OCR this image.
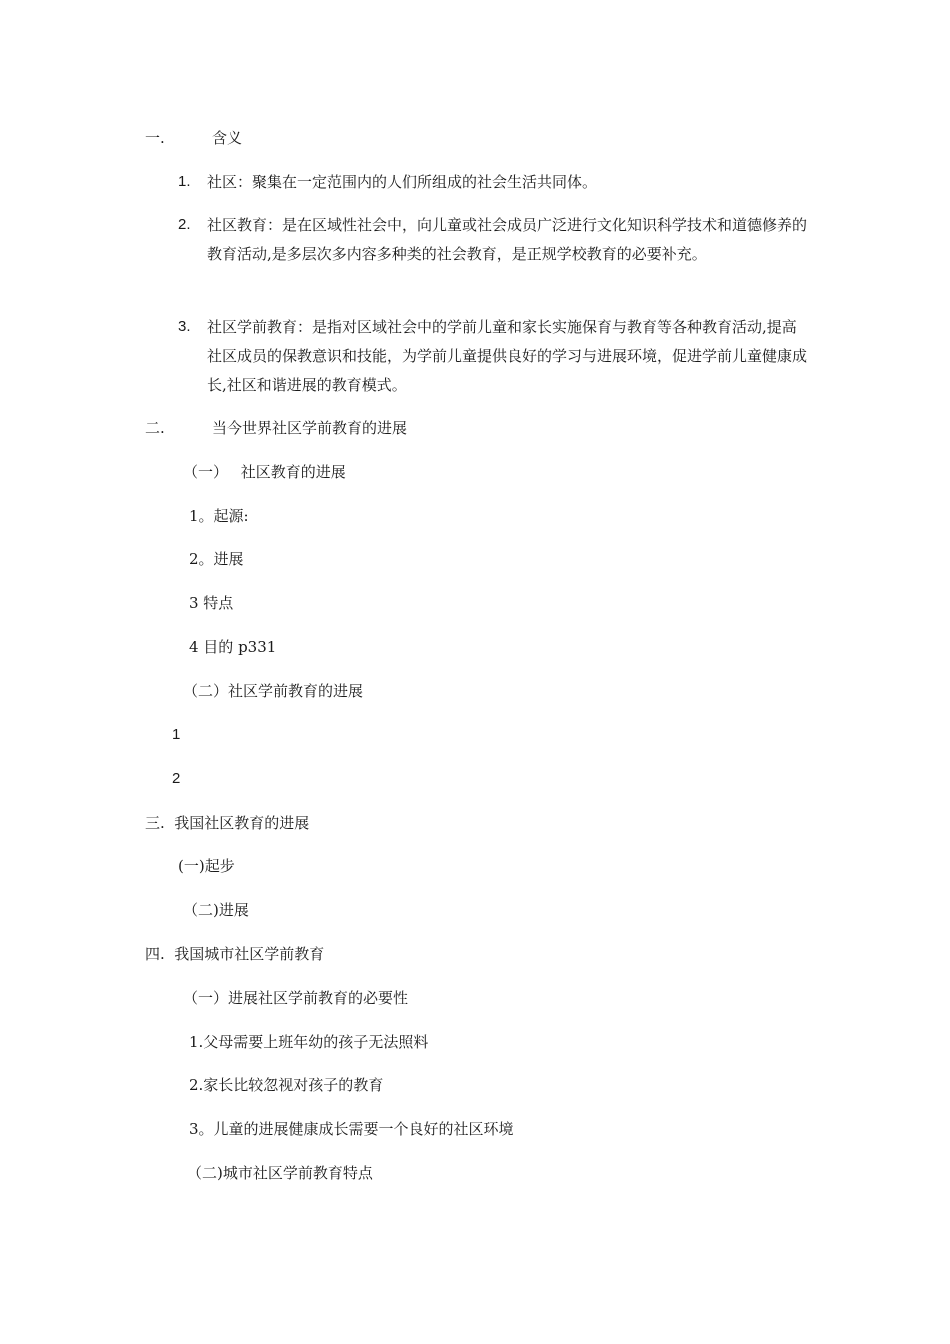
一.	含义
1. 社区：聚集在一定范围内的人们所组成的社会生活共同体。
2. 社区教育：是在区域性社会中，向儿童或社会成员广泛进行文化知识科学技术和道德修养的教育活动,是多层次多内容多种类的社会教育，是正规学校教育的必要补充。
3. 社区学前教育：是指对区域社会中的学前儿童和家长实施保育与教育等各种教育活动,提高社区成员的保教意识和技能，为学前儿童提供良好的学习与进展环境，促进学前儿童健康成长,社区和谐进展的教育模式。
二.	当今世界社区学前教育的进展
（一） 社区教育的进展
1。起源:
2。进展
3 特点
4 目的 p331
（二）社区学前教育的进展
1
2
三.  我国社区教育的进展
(一)起步
（二)进展
四.  我国城市社区学前教育
（一）进展社区学前教育的必要性
1.父母需要上班年幼的孩子无法照料
2.家长比较忽视对孩子的教育
3。儿童的进展健康成长需要一个良好的社区环境
（二)城市社区学前教育特点
